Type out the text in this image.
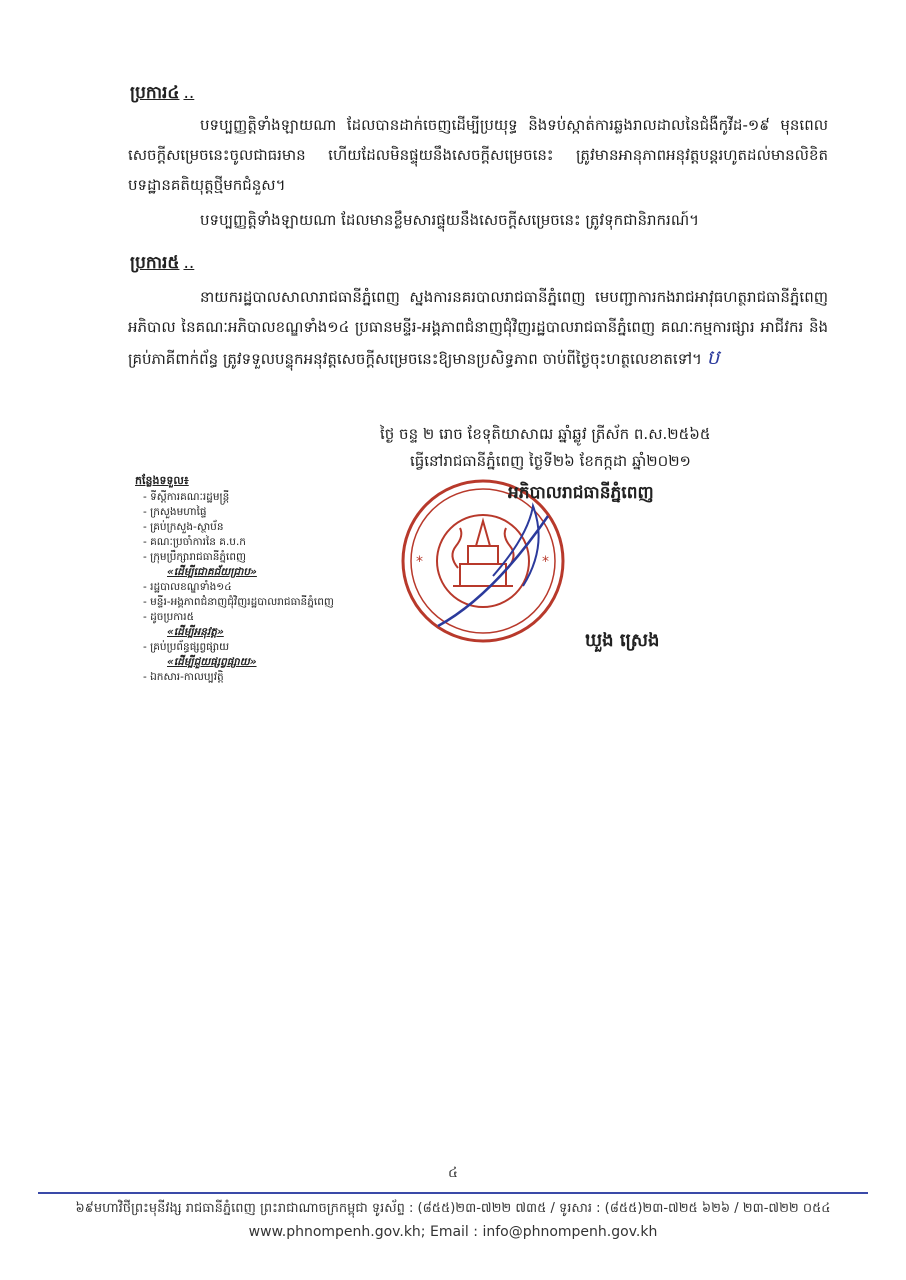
ប្រការ៤ ..
បទប្បញ្ញត្តិទាំងឡាយណា ដែលបានដាក់ចេញដើម្បីប្រយុទ្ធ និងទប់ស្កាត់ការឆ្លងរាលដាលនៃជំងឺកូវីដ-១៩ មុនពេលសេចក្តីសម្រេចនេះចូលជាធរមាន ហើយដែលមិនផ្ទុយនឹងសេចក្តីសម្រេចនេះ ត្រូវមានអានុភាពអនុវត្តបន្តរហូតដល់មានលិខិតបទដ្ឋានគតិយុត្តថ្មីមកជំនួស។
បទប្បញ្ញត្តិទាំងឡាយណា ដែលមានខ្លឹមសារផ្ទុយនឹងសេចក្តីសម្រេចនេះ ត្រូវទុកជានិរាករណ៍។
ប្រការ៥ ..
នាយករដ្ឋបាលសាលារាជធានីភ្នំពេញ ស្នងការនគរបាលរាជធានីភ្នំពេញ មេបញ្ជាការកងរាជអាវុធហត្ថរាជធានីភ្នំពេញ អភិបាល នៃគណៈអភិបាលខណ្ឌទាំង១៤ ប្រធានមន្ទីរ-អង្គភាពជំនាញជុំវិញរដ្ឋបាលរាជធានីភ្នំពេញ គណៈកម្មការផ្សារ អាជីវករ និងគ្រប់ភាគីពាក់ព័ន្ធ ត្រូវទទួលបន្ទុកអនុវត្តសេចក្តីសម្រេចនេះឱ្យមានប្រសិទ្ធភាព ចាប់ពីថ្ងៃចុះហត្ថលេខាតទៅ។ ប
ថ្ងៃ ចន្ទ ២ រោច ខែទុតិយាសាឍ ឆ្នាំឆ្លូវ ត្រីស័ក ព.ស.២៥៦៥
ធ្វើនៅរាជធានីភ្នំពេញ ថ្ងៃទី២៦ ខែកក្កដា ឆ្នាំ២០២១
*	*
អភិបាលរាជធានីភ្នំពេញ
ឃួង ស្រេង
កន្លែងទទួល៖
- ទីស្តីការគណៈរដ្ឋមន្ត្រី
- ក្រសួងមហាផ្ទៃ
- គ្រប់ក្រសួង-ស្ថាប័ន
- គណៈប្រចាំការនៃ គ.ប.ក
- ក្រុមប្រឹក្សារាជធានីភ្នំពេញ
«ដើម្បីជោគជ័យជ្រាប»
- រដ្ឋបាលខណ្ឌទាំង១៤
- មន្ទីរ-អង្គភាពជំនាញជុំវិញរដ្ឋបាលរាជធានីភ្នំពេញ
- ដូចប្រការ៥
«ដើម្បីអនុវត្ត»
- គ្រប់ប្រព័ន្ធផ្សព្វផ្សាយ
«ដើម្បីជួយផ្សព្វផ្សាយ»
- ឯកសារ-កាលប្បវត្តិ
៤
៦៩មហាវិថីព្រះមុនីវង្ស រាជធានីភ្នំពេញ ព្រះរាជាណាចក្រកម្ពុជា ទូរស័ព្ទ : (៨៥៥)២៣-៧២២ ៧៣៥ / ទូរសារ : (៨៥៥)២៣-៧២៥ ៦២៦ / ២៣-៧២២ ០៥៤
www.phnompenh.gov.kh; Email : info@phnompenh.gov.kh
